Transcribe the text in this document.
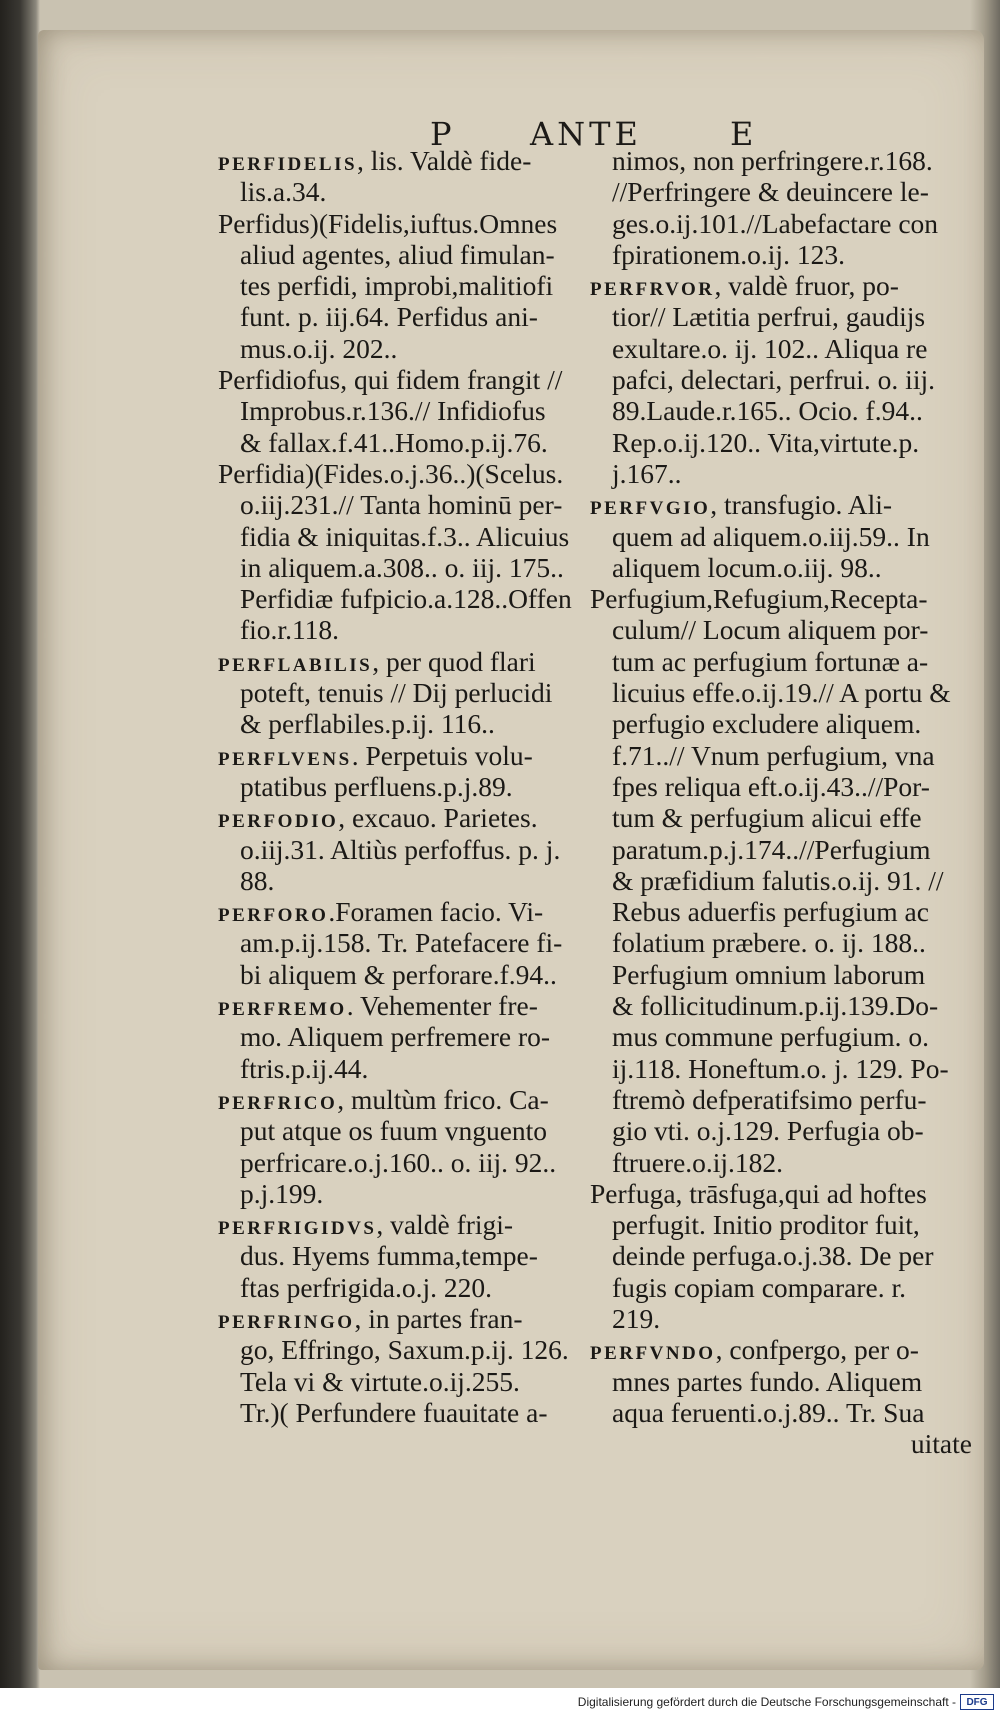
P ANTE	E
PERFIDELIS, lis. Valdè fide-
lis.a.34.
Perfidus)(Fidelis,iuftus.Omnes
aliud agentes, aliud fimulan-
tes perfidi, improbi,malitiofi
funt. p. iij.64. Perfidus ani-
mus.o.ij. 202..
Perfidiofus, qui fidem frangit //
Improbus.r.136.// Infidiofus
& fallax.f.41..Homo.p.ij.76.
Perfidia)(Fides.o.j.36..)(Scelus.
o.iij.231.// Tanta hominū per-
fidia & iniquitas.f.3.. Alicuius
in aliquem.a.308.. o. iij. 175..
Perfidiæ fufpicio.a.128..Offen
fio.r.118.
PERFLABILIS, per quod flari
poteft, tenuis // Dij perlucidi
& perflabiles.p.ij. 116..
PERFLVENS. Perpetuis volu-
ptatibus perfluens.p.j.89.
PERFODIO, excauo. Parietes.
o.iij.31. Altiùs perfoffus. p. j.
88.
PERFORO.Foramen facio. Vi-
am.p.ij.158. Tr. Patefacere fi-
bi aliquem & perforare.f.94..
PERFREMO. Vehementer fre-
mo. Aliquem perfremere ro-
ftris.p.ij.44.
PERFRICO, multùm frico. Ca-
put atque os fuum vnguento
perfricare.o.j.160.. o. iij. 92..
p.j.199.
PERFRIGIDVS, valdè frigi-
dus. Hyems fumma,tempe-
ftas perfrigida.o.j. 220.
PERFRINGO, in partes fran-
go, Effringo, Saxum.p.ij. 126.
Tela vi & virtute.o.ij.255.
Tr.)( Perfundere fuauitate a-
nimos, non perfringere.r.168.
//Perfringere & deuincere le-
ges.o.ij.101.//Labefactare con
fpirationem.o.ij. 123.
PERFRVOR, valdè fruor, po-
tior// Lætitia perfrui, gaudijs
exultare.o. ij. 102.. Aliqua re
pafci, delectari, perfrui. o. iij.
89.Laude.r.165.. Ocio. f.94..
Rep.o.ij.120.. Vita,virtute.p.
j.167..
PERFVGIO, transfugio. Ali-
quem ad aliquem.o.iij.59.. In
aliquem locum.o.iij. 98..
Perfugium,Refugium,Recepta-
culum// Locum aliquem por-
tum ac perfugium fortunæ a-
licuius effe.o.ij.19.// A portu &
perfugio excludere aliquem.
f.71..// Vnum perfugium, vna
fpes reliqua eft.o.ij.43..//Por-
tum & perfugium alicui effe
paratum.p.j.174..//Perfugium
& præfidium falutis.o.ij. 91. //
Rebus aduerfis perfugium ac
folatium præbere. o. ij. 188..
Perfugium omnium laborum
& follicitudinum.p.ij.139.Do-
mus commune perfugium. o.
ij.118. Honeftum.o. j. 129. Po-
ftremò defperatifsimo perfu-
gio vti. o.j.129. Perfugia ob-
ftruere.o.ij.182.
Perfuga, trāsfuga,qui ad hoftes
perfugit. Initio proditor fuit,
deinde perfuga.o.j.38. De per
fugis copiam comparare. r.
219.
PERFVNDO, confpergo, per o-
mnes partes fundo. Aliquem
aqua feruenti.o.j.89.. Tr. Sua
uitate
Digitalisierung gefördert durch die Deutsche Forschungsgemeinschaft -	DFG
